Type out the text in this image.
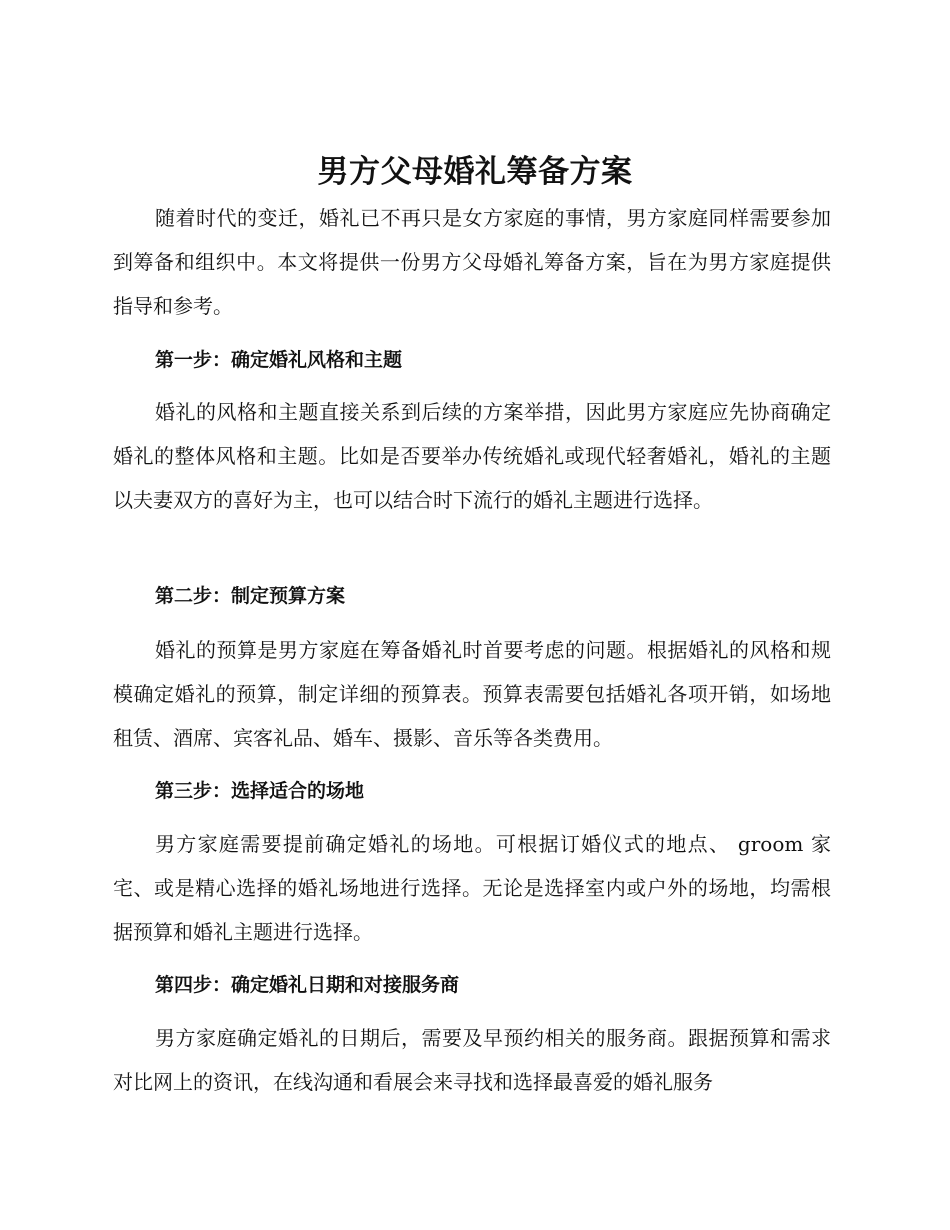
男方父母婚礼筹备方案

随着时代的变迁，婚礼已不再只是女方家庭的事情，男方家庭同样需要参加到筹备和组织中。本文将提供一份男方父母婚礼筹备方案，旨在为男方家庭提供指导和参考。

第一步：确定婚礼风格和主题

婚礼的风格和主题直接关系到后续的方案举措，因此男方家庭应先协商确定婚礼的整体风格和主题。比如是否要举办传统婚礼或现代轻奢婚礼，婚礼的主题以夫妻双方的喜好为主，也可以结合时下流行的婚礼主题进行选择。

第二步：制定预算方案

婚礼的预算是男方家庭在筹备婚礼时首要考虑的问题。根据婚礼的风格和规模确定婚礼的预算，制定详细的预算表。预算表需要包括婚礼各项开销，如场地租赁、酒席、宾客礼品、婚车、摄影、音乐等各类费用。

第三步：选择适合的场地

男方家庭需要提前确定婚礼的场地。可根据订婚仪式的地点、 groom 家宅、或是精心选择的婚礼场地进行选择。无论是选择室内或户外的场地，均需根据预算和婚礼主题进行选择。

第四步：确定婚礼日期和对接服务商

男方家庭确定婚礼的日期后，需要及早预约相关的服务商。跟据预算和需求对比网上的资讯，在线沟通和看展会来寻找和选择最喜爱的婚礼服务
